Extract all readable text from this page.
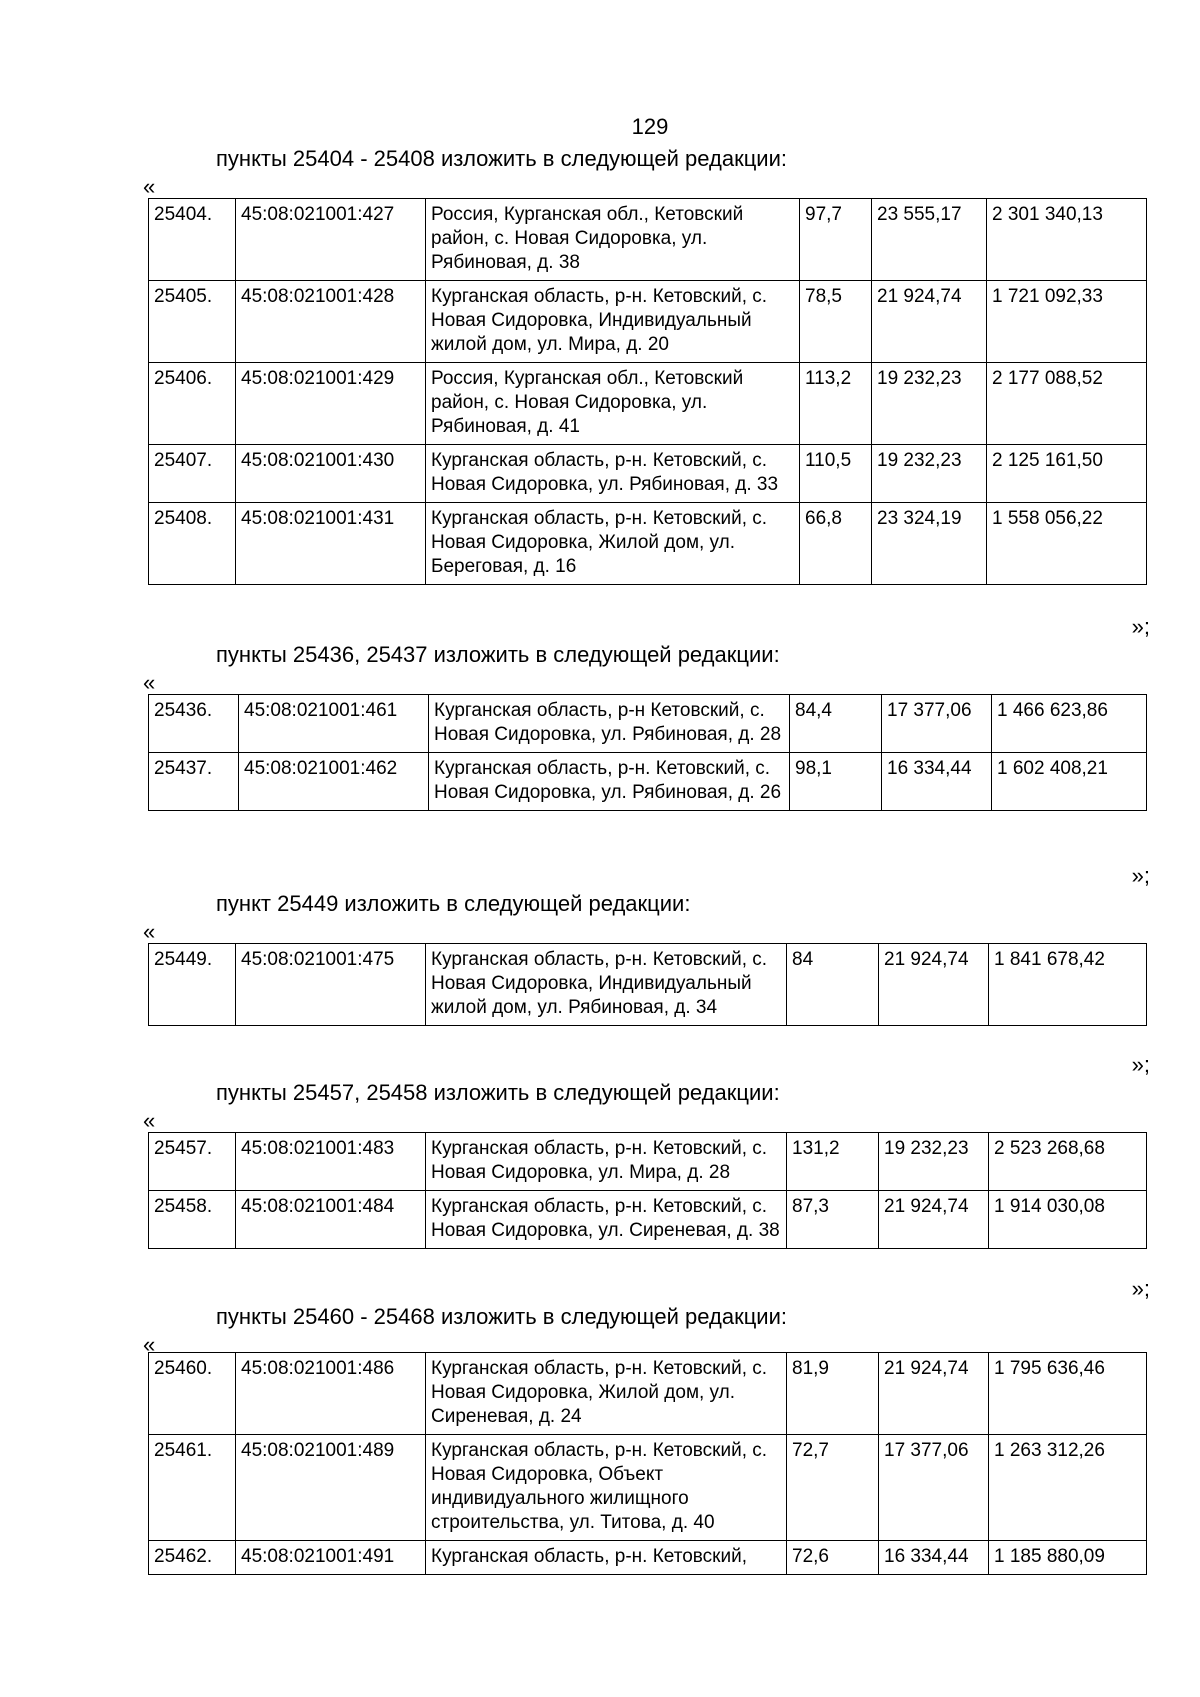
129
пункты 25404 - 25408 изложить в следующей редакции:
«
25404.	45:08:021001:427	Россия, Курганская обл., Кетовский район, с. Новая Сидоровка, ул. Рябиновая, д. 38	97,7	23 555,17	2 301 340,13
25405.	45:08:021001:428	Курганская область, р-н. Кетовский, с. Новая Сидоровка, Индивидуальный жилой дом, ул. Мира, д. 20	78,5	21 924,74	1 721 092,33
25406.	45:08:021001:429	Россия, Курганская обл., Кетовский район, с. Новая Сидоровка, ул. Рябиновая, д. 41	113,2	19 232,23	2 177 088,52
25407.	45:08:021001:430	Курганская область, р-н. Кетовский, с. Новая Сидоровка, ул. Рябиновая, д. 33	110,5	19 232,23	2 125 161,50
25408.	45:08:021001:431	Курганская область, р-н. Кетовский, с. Новая Сидоровка, Жилой дом, ул. Береговая, д. 16	66,8	23 324,19	1 558 056,22
»;
пункты 25436, 25437 изложить в следующей редакции:
«
25436.	45:08:021001:461	Курганская область, р-н Кетовский, с. Новая Сидоровка, ул. Рябиновая, д. 28	84,4	17 377,06	1 466 623,86
25437.	45:08:021001:462	Курганская область, р-н. Кетовский, с. Новая Сидоровка, ул. Рябиновая, д. 26	98,1	16 334,44	1 602 408,21
»;
пункт 25449 изложить в следующей редакции:
«
25449.	45:08:021001:475	Курганская область, р-н. Кетовский, с. Новая Сидоровка, Индивидуальный жилой дом, ул. Рябиновая, д. 34	84	21 924,74	1 841 678,42
»;
пункты 25457, 25458 изложить в следующей редакции:
«
25457.	45:08:021001:483	Курганская область, р-н. Кетовский, с. Новая Сидоровка, ул. Мира, д. 28	131,2	19 232,23	2 523 268,68
25458.	45:08:021001:484	Курганская область, р-н. Кетовский, с. Новая Сидоровка, ул. Сиреневая, д. 38	87,3	21 924,74	1 914 030,08
»;
пункты 25460 - 25468 изложить в следующей редакции:
«
25460.	45:08:021001:486	Курганская область, р-н. Кетовский, с. Новая Сидоровка, Жилой дом, ул. Сиреневая, д. 24	81,9	21 924,74	1 795 636,46
25461.	45:08:021001:489	Курганская область, р-н. Кетовский, с. Новая Сидоровка, Объект индивидуального жилищного строительства, ул. Титова, д. 40	72,7	17 377,06	1 263 312,26
25462.	45:08:021001:491	Курганская область, р-н. Кетовский,	72,6	16 334,44	1 185 880,09
